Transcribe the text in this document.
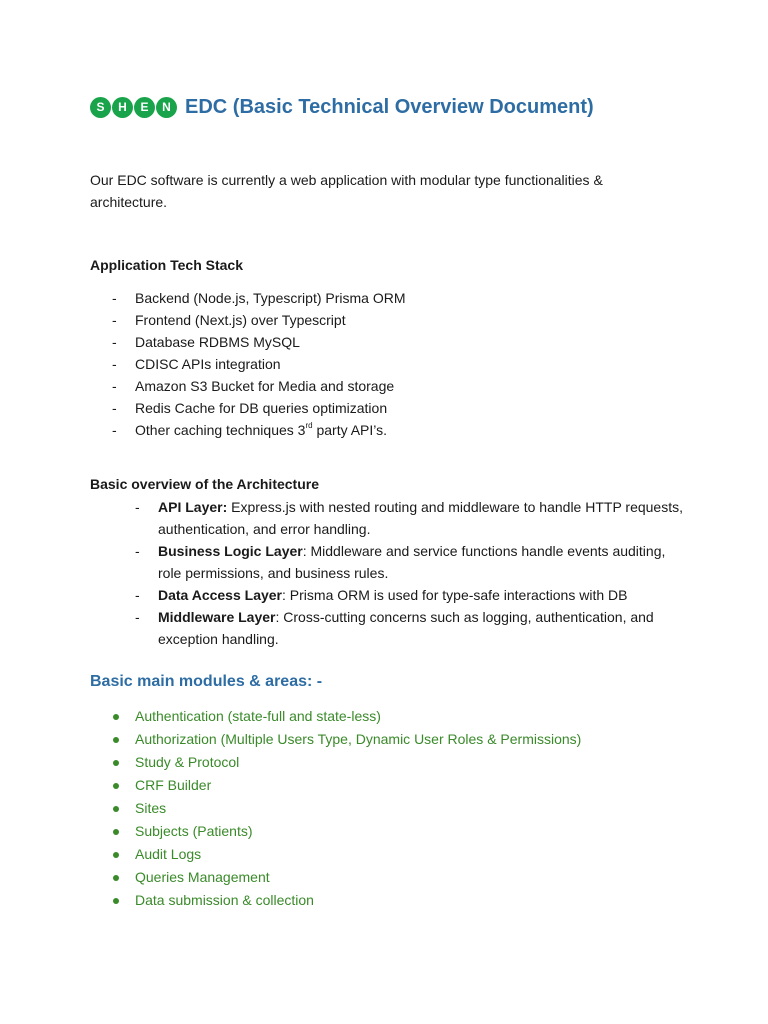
S	H	E	N EDC (Basic Technical Overview Document)

Our EDC software is currently a web application with modular type functionalities & architecture.

Application Tech Stack
- Backend (Node.js, Typescript) Prisma ORM
- Frontend (Next.js) over Typescript
- Database RDBMS MySQL
- CDISC APIs integration
- Amazon S3 Bucket for Media and storage
- Redis Cache for DB queries optimization
- Other caching techniques 3rd party API’s.
Basic overview of the Architecture
- API Layer: Express.js with nested routing and middleware to handle HTTP requests, authentication, and error handling.
- Business Logic Layer: Middleware and service functions handle events auditing, role permissions, and business rules.
- Data Access Layer: Prisma ORM is used for type-safe interactions with DB
- Middleware Layer: Cross-cutting concerns such as logging, authentication, and exception handling.
Basic main modules & areas: -
Authentication (state-full and state-less)
Authorization (Multiple Users Type, Dynamic User Roles & Permissions)
Study & Protocol
CRF Builder
Sites
Subjects (Patients)
Audit Logs
Queries Management
Data submission & collection
